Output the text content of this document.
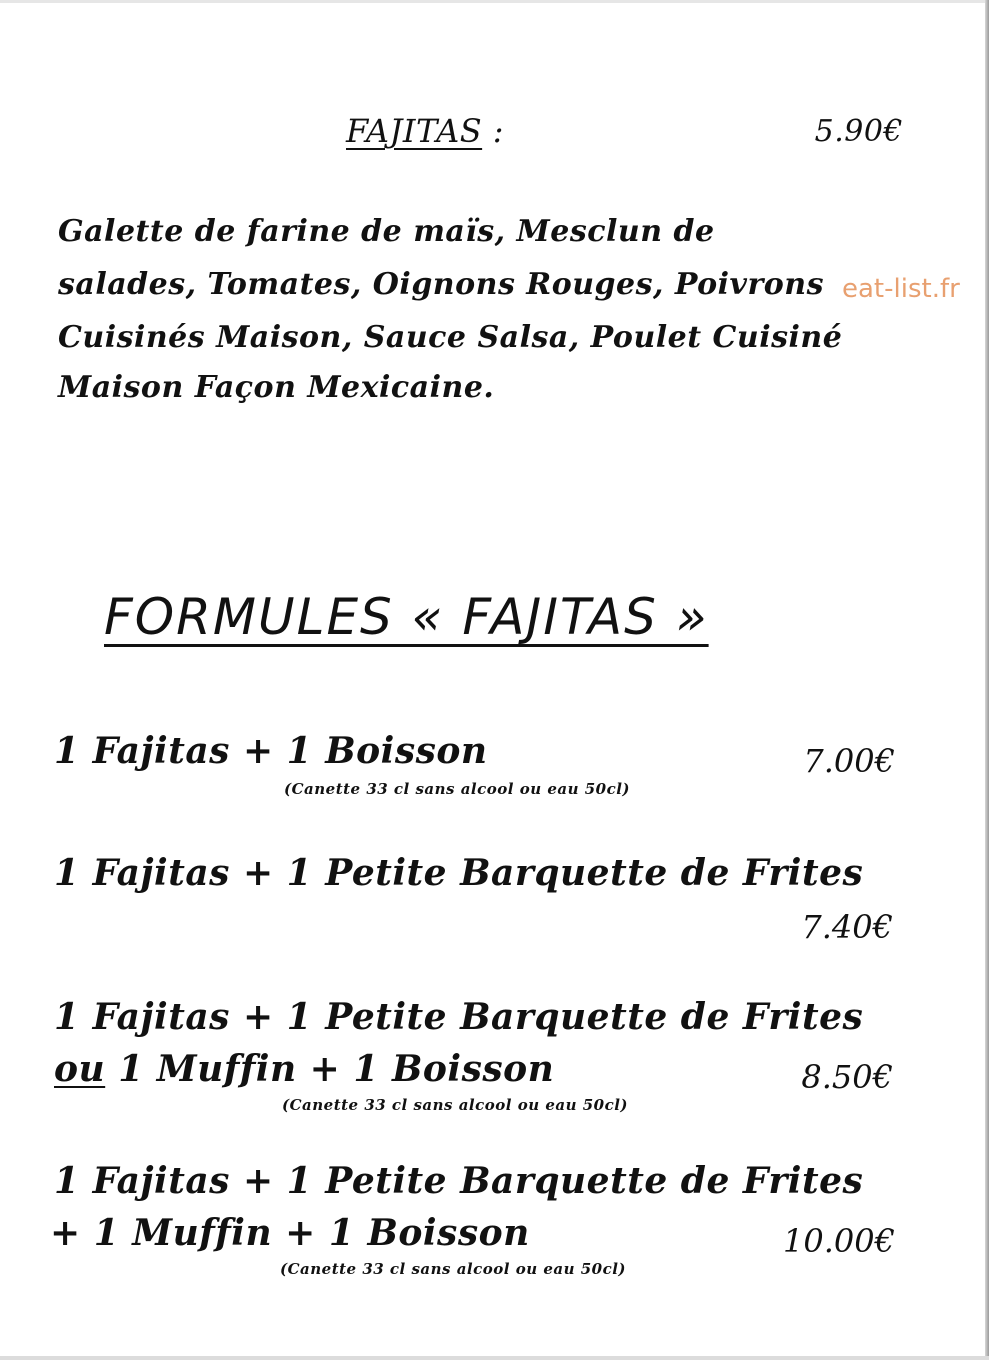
FAJITAS :	5.90€
Galette de farine de maïs, Mesclun de
salades, Tomates, Oignons Rouges, Poivrons
Cuisinés Maison, Sauce Salsa, Poulet Cuisiné
Maison Façon Mexicaine.
eat-list.fr
FORMULES « FAJITAS »
1 Fajitas + 1 Boisson	7.00€
(Canette 33 cl sans alcool ou eau 50cl)
1 Fajitas + 1 Petite Barquette de Frites
7.40€
1 Fajitas + 1 Petite Barquette de Frites
ou 1 Muffin + 1 Boisson	8.50€
(Canette 33 cl sans alcool ou eau 50cl)
1 Fajitas + 1 Petite Barquette de Frites
+ 1 Muffin + 1 Boisson	10.00€
(Canette 33 cl sans alcool ou eau 50cl)
